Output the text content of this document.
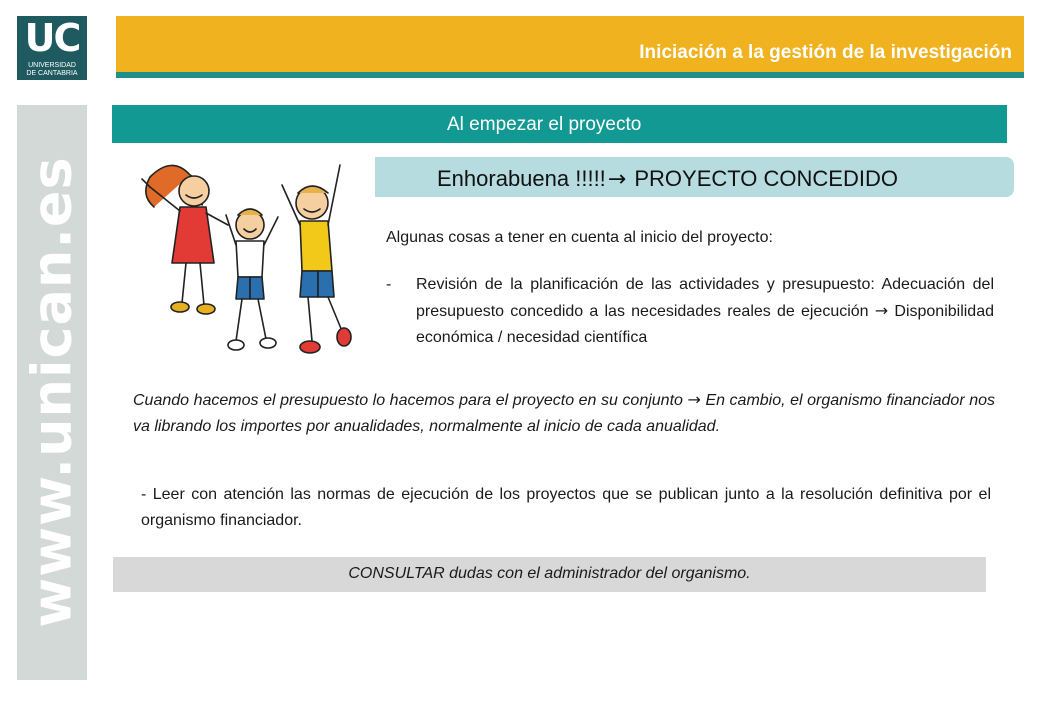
UC
UNIVERSIDAD
DE CANTABRIA
Iniciación a la gestión de la investigación
www.unican.es
Al empezar el proyecto
Enhorabuena !!!!!→ PROYECTO CONCEDIDO
Algunas cosas a tener en cuenta al inicio del proyecto:
- Revisión de la planificación de las actividades y presupuesto: Adecuación del presupuesto concedido a las necesidades reales de ejecución → Disponibilidad económica / necesidad científica
Cuando hacemos el presupuesto lo hacemos para el proyecto en su conjunto → En cambio, el organismo financiador nos va librando los importes por anualidades, normalmente al inicio de cada anualidad.
- Leer con atención las normas de ejecución de los proyectos que se publican junto a la resolución definitiva por el organismo financiador.
CONSULTAR dudas con el administrador del organismo.
